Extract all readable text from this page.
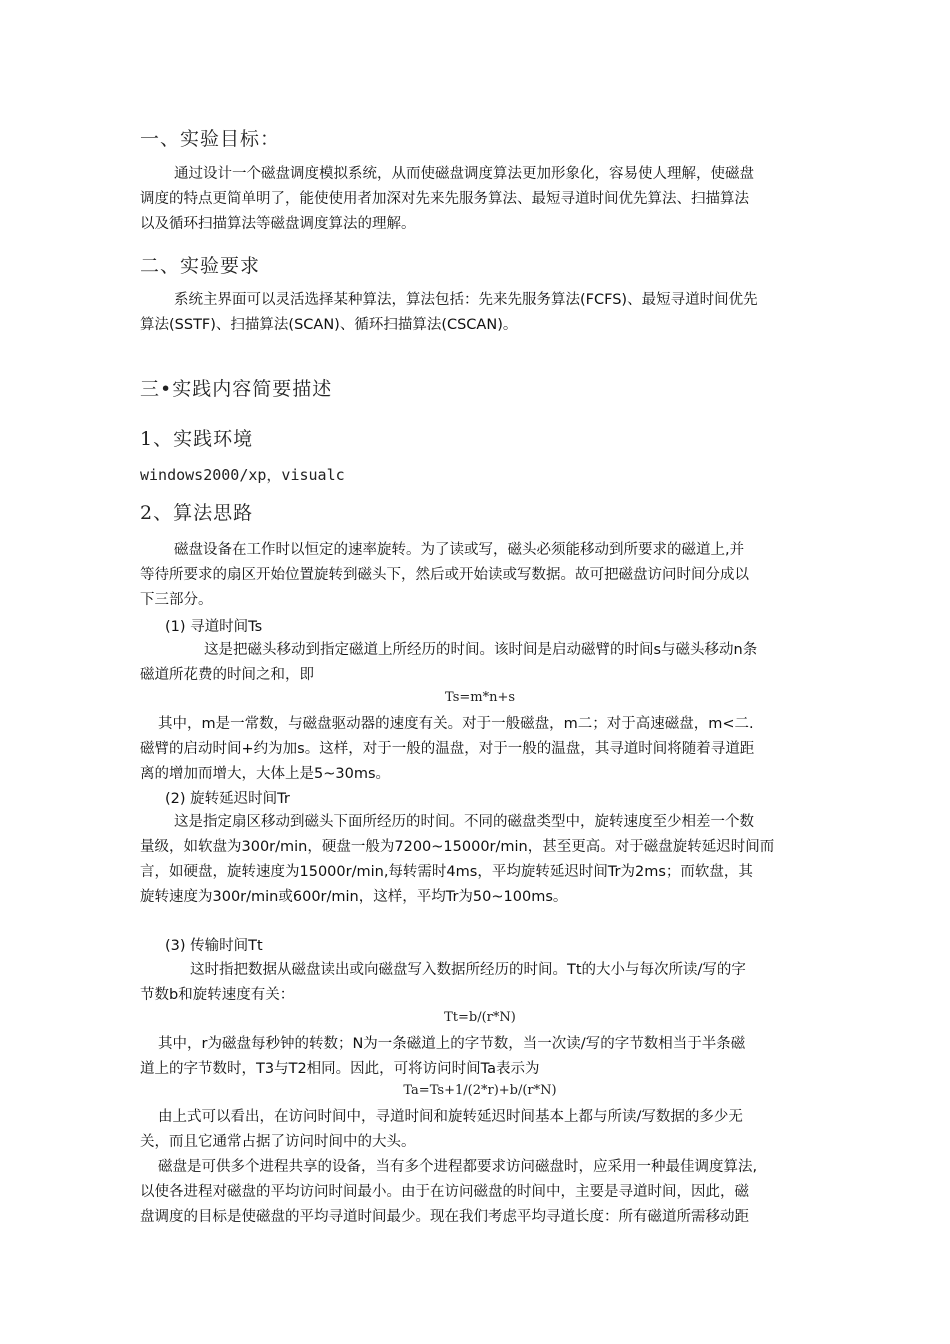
一、实验目标：
通过设计一个磁盘调度模拟系统，从而使磁盘调度算法更加形象化，容易使人理解，使磁盘
调度的特点更简单明了，能使使用者加深对先来先服务算法、最短寻道时间优先算法、扫描算法
以及循环扫描算法等磁盘调度算法的理解。
二、实验要求
系统主界面可以灵活选择某种算法，算法包括：先来先服务算法(FCFS)、最短寻道时间优先
算法(SSTF)、扫描算法(SCAN)、循环扫描算法(CSCAN)。
三•实践内容简要描述
1、实践环境
windows2000/xp，visualc
2、算法思路
磁盘设备在工作时以恒定的速率旋转。为了读或写，磁头必须能移动到所要求的磁道上,并
等待所要求的扇区开始位置旋转到磁头下，然后或开始读或写数据。故可把磁盘访问时间分成以
下三部分。
(1) 寻道时间Ts
这是把磁头移动到指定磁道上所经历的时间。该时间是启动磁臂的时间s与磁头移动n条
磁道所花费的时间之和，即
Ts=m*n+s
其中，m是一常数，与磁盘驱动器的速度有关。对于一般磁盘，m二；对于高速磁盘，m<二.
磁臂的启动时间+约为加s。这样，对于一般的温盘，对于一般的温盘，其寻道时间将随着寻道距
离的增加而增大，大体上是5~30ms。
(2) 旋转延迟时间Tr
这是指定扇区移动到磁头下面所经历的时间。不同的磁盘类型中，旋转速度至少相差一个数
量级，如软盘为300r/min，硬盘一般为7200~15000r/min，甚至更高。对于磁盘旋转延迟时间而
言，如硬盘，旋转速度为15000r/min,每转需时4ms，平均旋转延迟时间Tr为2ms；而软盘，其
旋转速度为300r/min或600r/min，这样，平均Tr为50~100ms。
(3) 传输时间Tt
这时指把数据从磁盘读出或向磁盘写入数据所经历的时间。Tt的大小与每次所读/写的字
节数b和旋转速度有关：
Tt=b/(r*N)
其中，r为磁盘每秒钟的转数；N为一条磁道上的字节数，当一次读/写的字节数相当于半条磁
道上的字节数时，T3与T2相同。因此，可将访问时间Ta表示为
Ta=Ts+1/(2*r)+b/(r*N)
由上式可以看出，在访问时间中，寻道时间和旋转延迟时间基本上都与所读/写数据的多少无
关，而且它通常占据了访问时间中的大头。
磁盘是可供多个进程共享的设备，当有多个进程都要求访问磁盘时，应采用一种最佳调度算法,
以使各进程对磁盘的平均访问时间最小。由于在访问磁盘的时间中，主要是寻道时间，因此，磁
盘调度的目标是使磁盘的平均寻道时间最少。现在我们考虑平均寻道长度：所有磁道所需移动距
